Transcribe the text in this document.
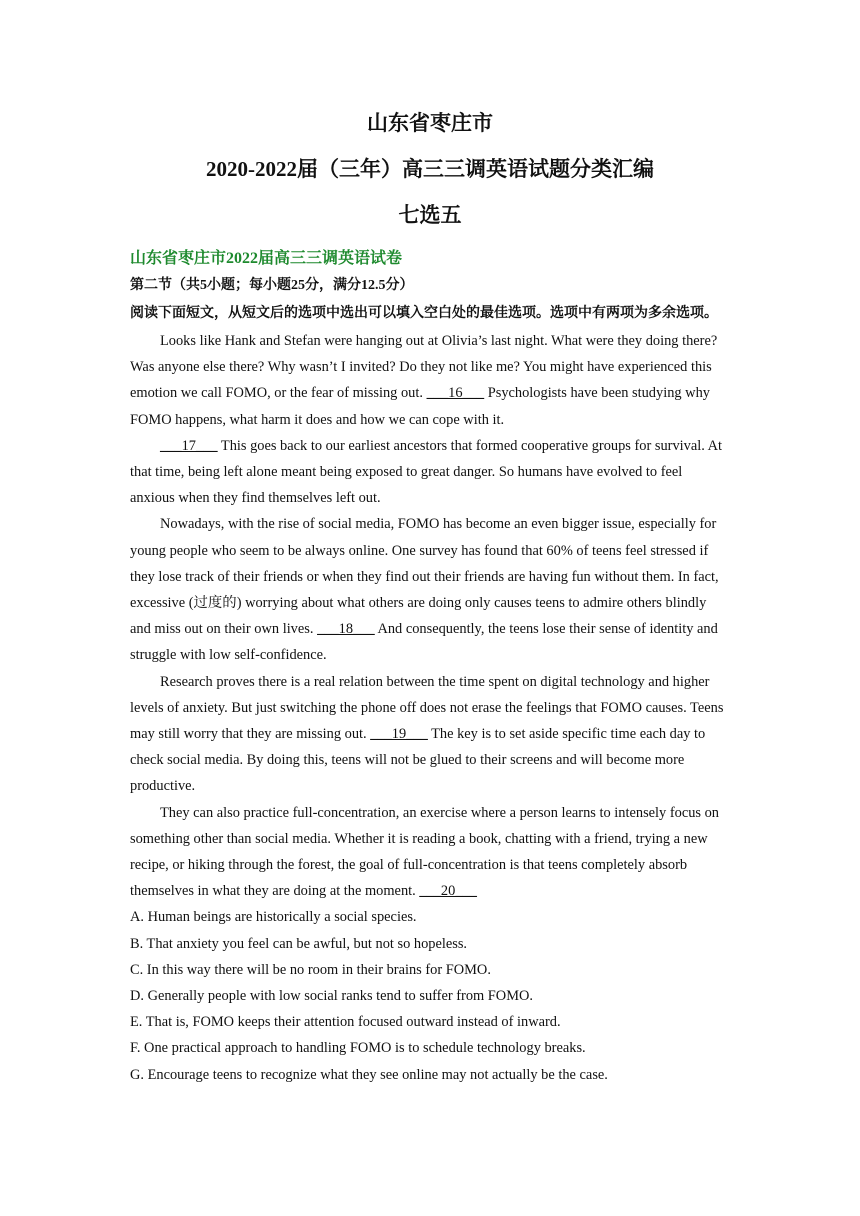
山东省枣庄市
2020-2022届（三年）高三三调英语试题分类汇编
七选五
山东省枣庄市2022届高三三调英语试卷

第二节（共5小题；每小题25分，满分12.5分）

阅读下面短文，从短文后的选项中选出可以填入空白处的最佳选项。选项中有两项为多余选项。

Looks like Hank and Stefan were hanging out at Olivia’s last night. What were they doing there? Was anyone else there? Why wasn’t I invited? Do they not like me? You might have experienced this emotion we call FOMO, or the fear of missing out. ___16___ Psychologists have been studying why FOMO happens, what harm it does and how we can cope with it.

___17___ This goes back to our earliest ancestors that formed cooperative groups for survival. At that time, being left alone meant being exposed to great danger. So humans have evolved to feel anxious when they find themselves left out.

Nowadays, with the rise of social media, FOMO has become an even bigger issue, especially for young people who seem to be always online. One survey has found that 60% of teens feel stressed if they lose track of their friends or when they find out their friends are having fun without them. In fact, excessive (过度的) worrying about what others are doing only causes teens to admire others blindly and miss out on their own lives. ___18___ And consequently, the teens lose their sense of identity and struggle with low self-confidence.

Research proves there is a real relation between the time spent on digital technology and higher levels of anxiety. But just switching the phone off does not erase the feelings that FOMO causes. Teens may still worry that they are missing out. ___19___ The key is to set aside specific time each day to check social media. By doing this, teens will not be glued to their screens and will become more productive.

They can also practice full-concentration, an exercise where a person learns to intensely focus on something other than social media. Whether it is reading a book, chatting with a friend, trying a new recipe, or hiking through the forest, the goal of full-concentration is that teens completely absorb themselves in what they are doing at the moment. ___20___

A. Human beings are historically a social species.

B. That anxiety you feel can be awful, but not so hopeless.

C. In this way there will be no room in their brains for FOMO.

D. Generally people with low social ranks tend to suffer from FOMO.

E. That is, FOMO keeps their attention focused outward instead of inward.

F. One practical approach to handling FOMO is to schedule technology breaks.

G. Encourage teens to recognize what they see online may not actually be the case.
